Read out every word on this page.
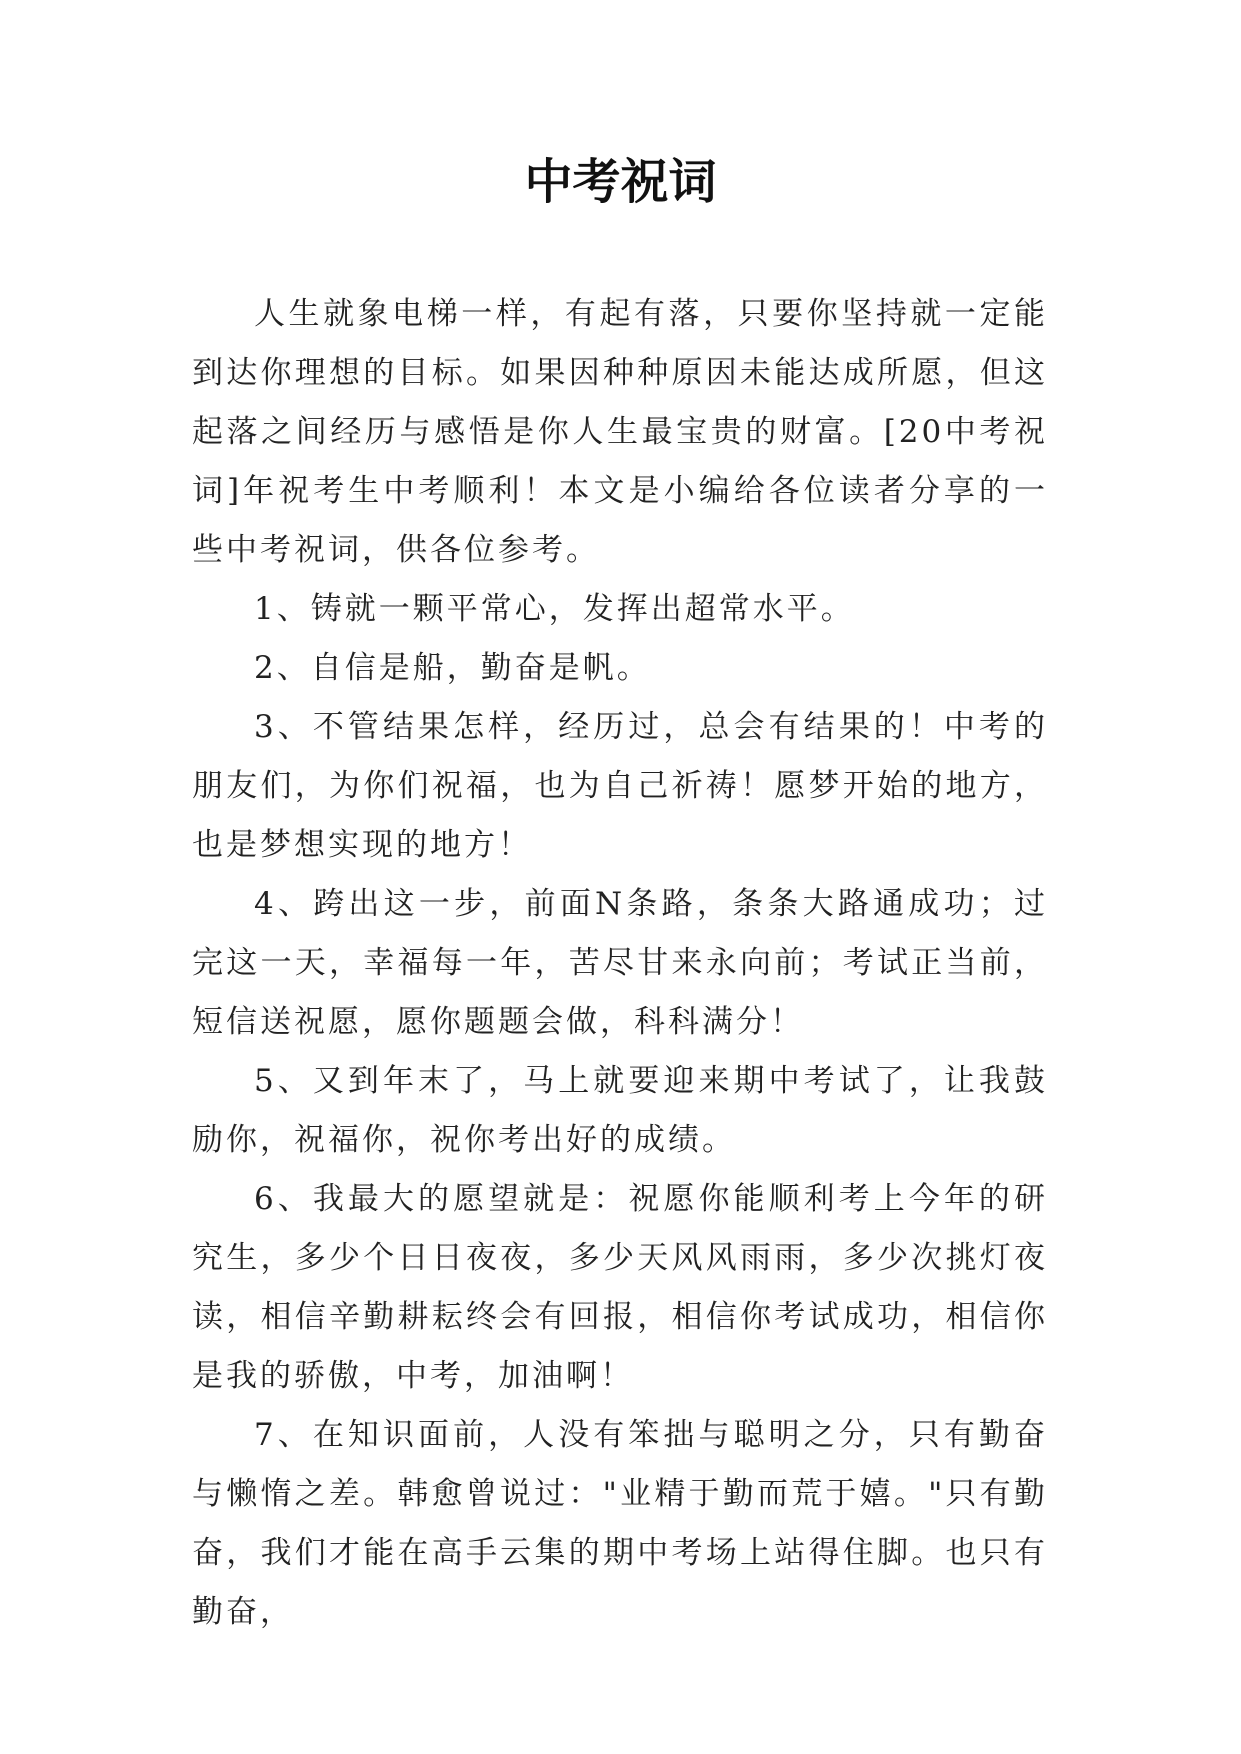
中考祝词

人生就象电梯一样，有起有落，只要你坚持就一定能到达你理想的目标。如果因种种原因未能达成所愿，但这起落之间经历与感悟是你人生最宝贵的财富。[20中考祝词]年祝考生中考顺利！本文是小编给各位读者分享的一些中考祝词，供各位参考。

1、铸就一颗平常心，发挥出超常水平。

2、自信是船，勤奋是帆。

3、不管结果怎样，经历过，总会有结果的！中考的朋友们，为你们祝福，也为自己祈祷！愿梦开始的地方，也是梦想实现的地方！

4、跨出这一步，前面N条路，条条大路通成功；过完这一天，幸福每一年，苦尽甘来永向前；考试正当前，短信送祝愿，愿你题题会做，科科满分！

5、又到年末了，马上就要迎来期中考试了，让我鼓励你，祝福你，祝你考出好的成绩。

6、我最大的愿望就是：祝愿你能顺利考上今年的研究生，多少个日日夜夜，多少天风风雨雨，多少次挑灯夜读，相信辛勤耕耘终会有回报，相信你考试成功，相信你是我的骄傲，中考，加油啊！

7、在知识面前，人没有笨拙与聪明之分，只有勤奋与懒惰之差。韩愈曾说过："业精于勤而荒于嬉。"只有勤奋，我们才能在高手云集的期中考场上站得住脚。也只有勤奋，
